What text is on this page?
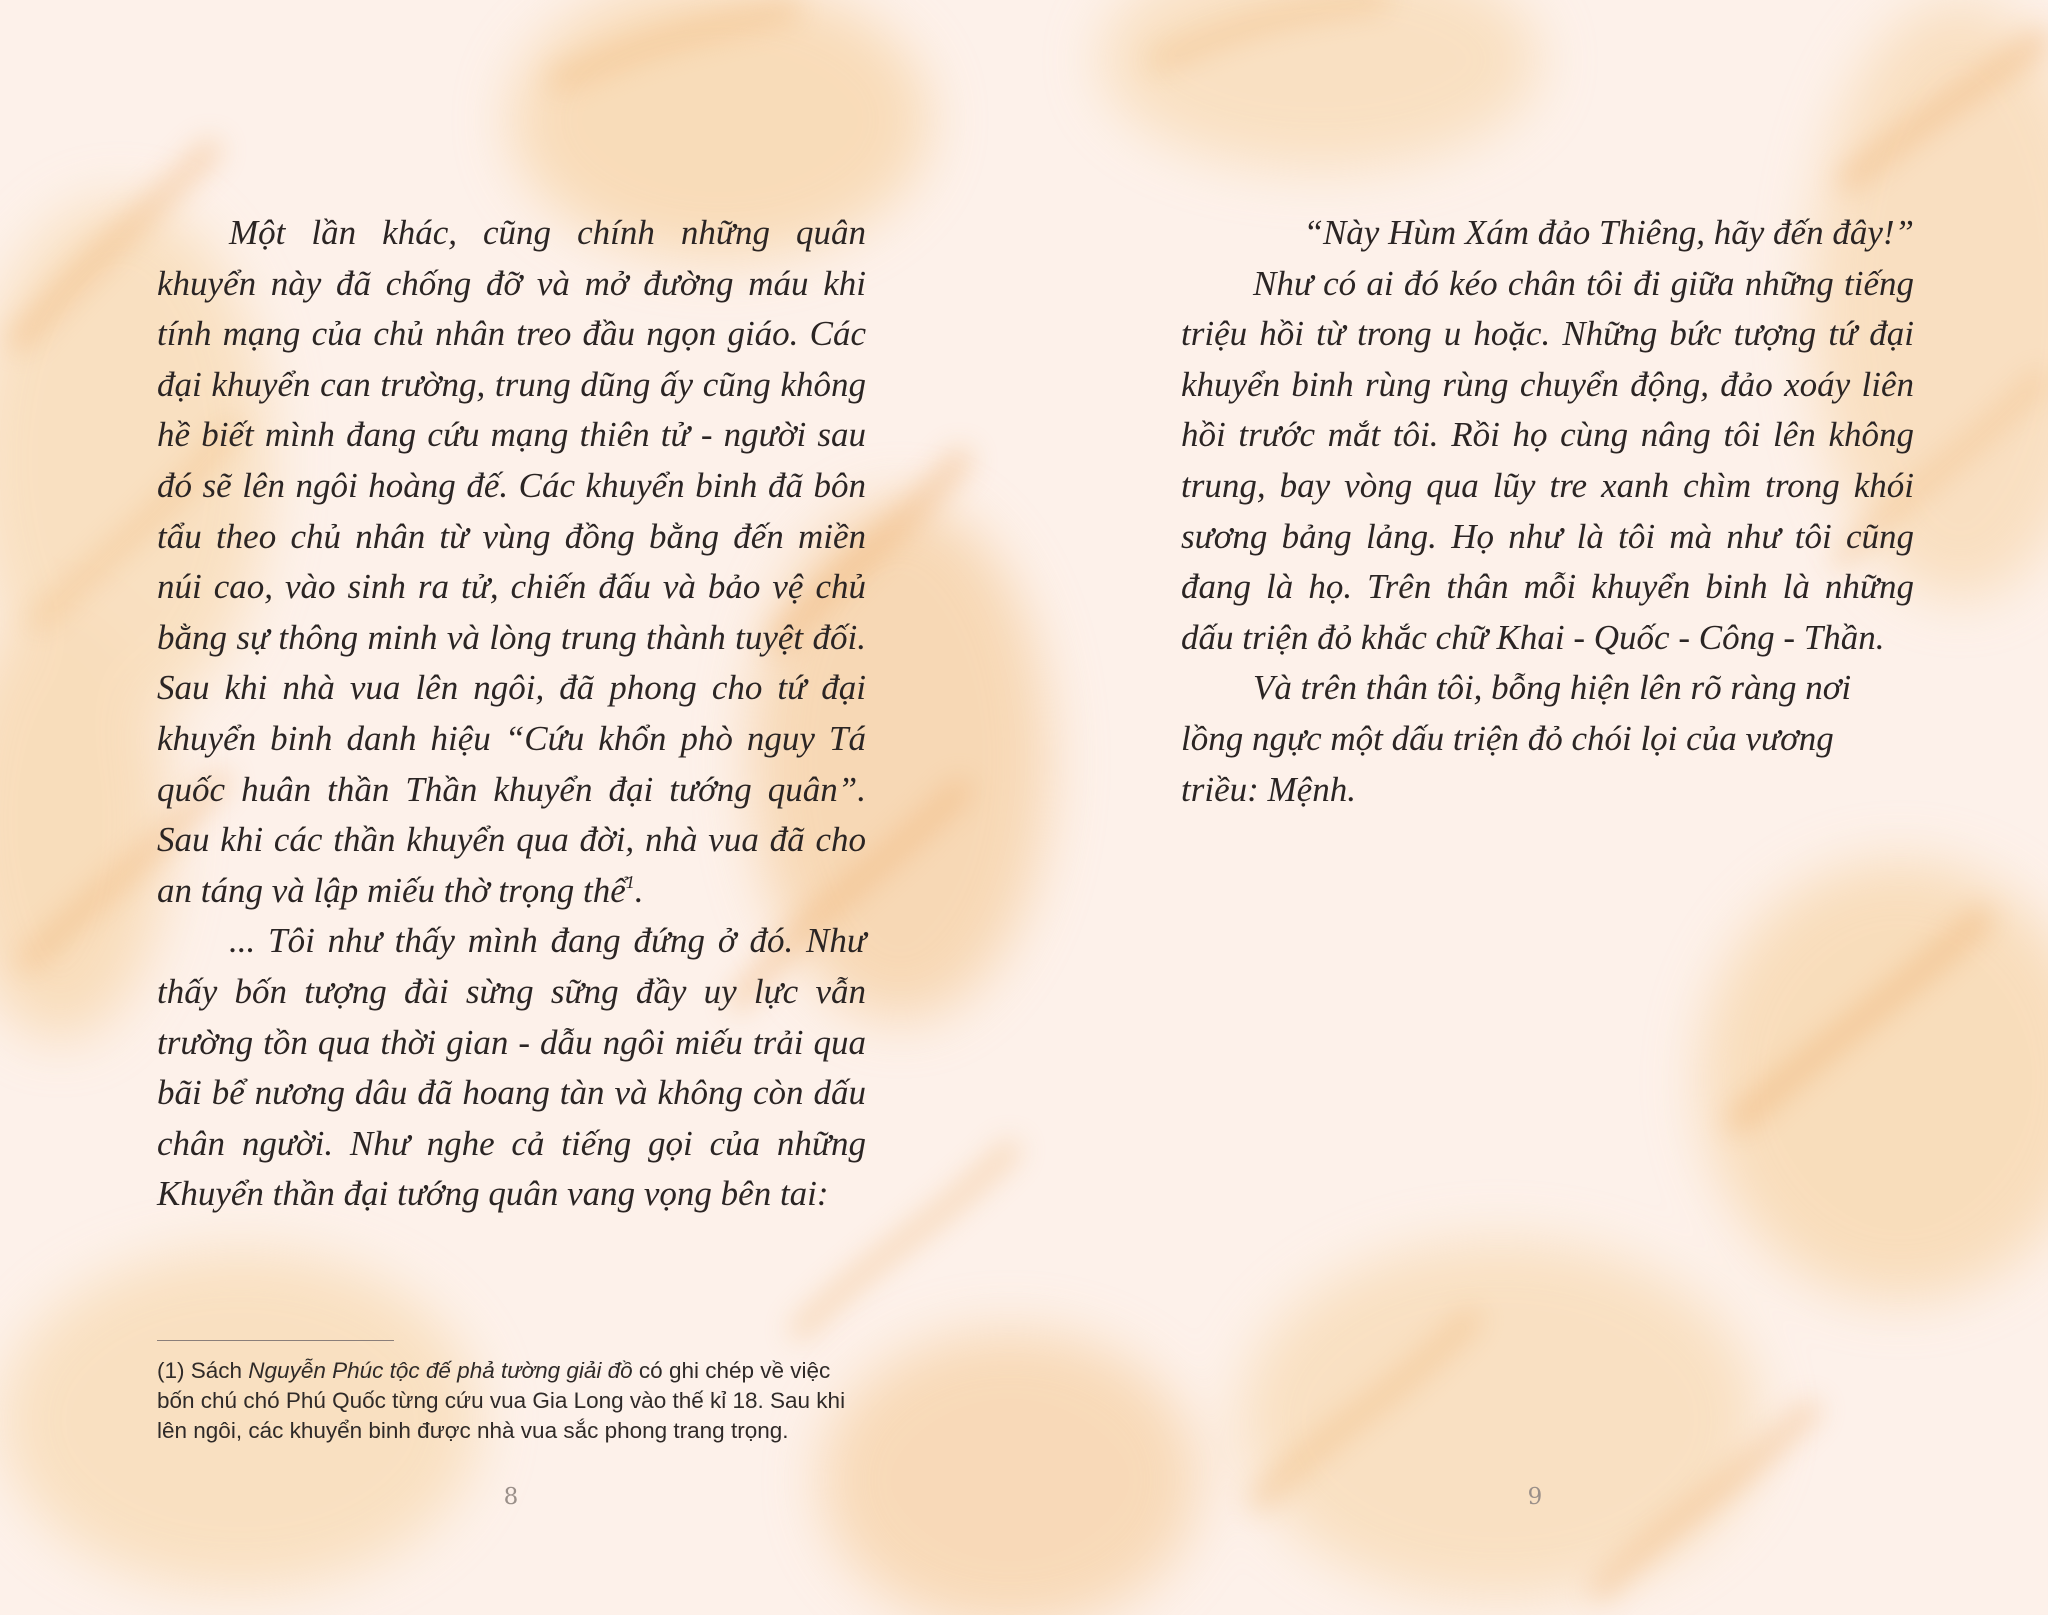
Một lần khác, cũng chính những quân khuyển này đã chống đỡ và mở đường máu khi tính mạng của chủ nhân treo đầu ngọn giáo. Các đại khuyển can trường, trung dũng ấy cũng không hề biết mình đang cứu mạng thiên tử - người sau đó sẽ lên ngôi hoàng đế. Các khuyển binh đã bôn tẩu theo chủ nhân từ vùng đồng bằng đến miền núi cao, vào sinh ra tử, chiến đấu và bảo vệ chủ bằng sự thông minh và lòng trung thành tuyệt đối. Sau khi nhà vua lên ngôi, đã phong cho tứ đại khuyển binh danh hiệu “Cứu khổn phò nguy Tá quốc huân thần Thần khuyển đại tướng quân”. Sau khi các thần khuyển qua đời, nhà vua đã cho an táng và lập miếu thờ trọng thể$^1$.

... Tôi như thấy mình đang đứng ở đó. Như thấy bốn tượng đài sừng sững đầy uy lực vẫn trường tồn qua thời gian - dẫu ngôi miếu trải qua bãi bể nương dâu đã hoang tàn và không còn dấu chân người. Như nghe cả tiếng gọi của những Khuyển thần đại tướng quân vang vọng bên tai:

(1) Sách Nguyễn Phúc tộc đế phả tường giải đồ có ghi chép về việc bốn chú chó Phú Quốc từng cứu vua Gia Long vào thế kỉ 18. Sau khi lên ngôi, các khuyển binh được nhà vua sắc phong trang trọng.
8

“Này Hùm Xám đảo Thiêng, hãy đến đây!”

Như có ai đó kéo chân tôi đi giữa những tiếng triệu hồi từ trong u hoặc. Những bức tượng tứ đại khuyển binh rùng rùng chuyển động, đảo xoáy liên hồi trước mắt tôi. Rồi họ cùng nâng tôi lên không trung, bay vòng qua lũy tre xanh chìm trong khói sương bảng lảng. Họ như là tôi mà như tôi cũng đang là họ. Trên thân mỗi khuyển binh là những dấu triện đỏ khắc chữ Khai - Quốc - Công - Thần.

Và trên thân tôi, bỗng hiện lên rõ ràng nơi lồng ngực một dấu triện đỏ chói lọi của vương triều: Mệnh.

9
